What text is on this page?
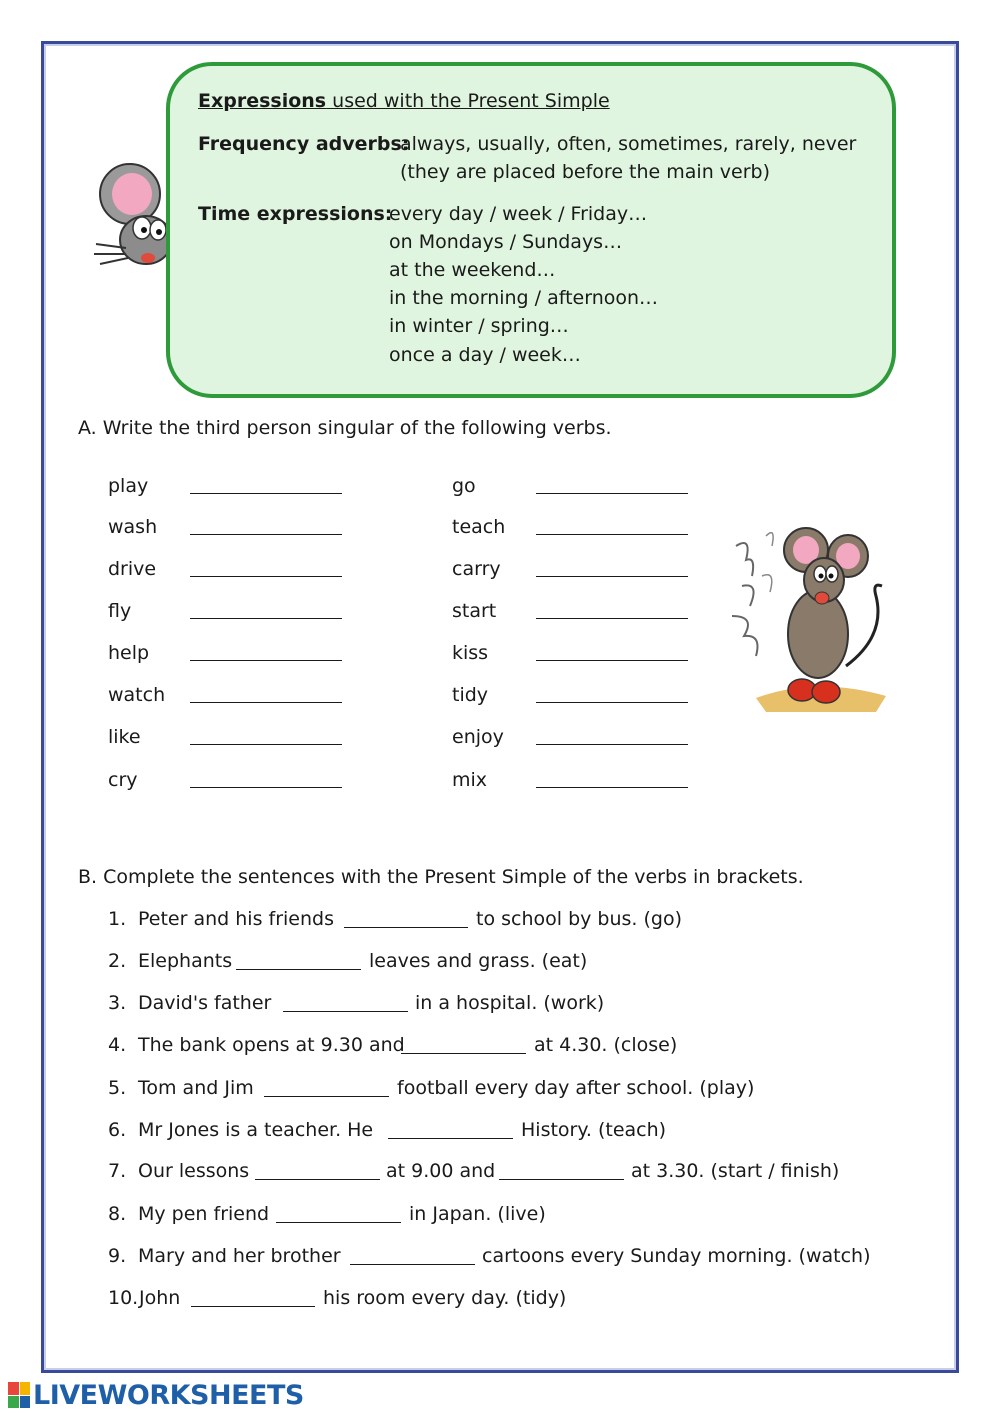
Expressions used with the Present Simple
Frequency adverbs:
always, usually, often, sometimes, rarely, never
(they are placed before the main verb)
Time expressions:
every day / week / Friday…
on Mondays / Sundays…
at the weekend…
in the morning / afternoon…
in winter / spring…
once a day / week…
A. Write the third person singular of the following verbs.
play
wash
drive
fly
help
watch
like
cry
go
teach
carry
start
kiss
tidy
enjoy
mix
B. Complete the sentences with the Present Simple of the verbs in brackets.
1. Peter and his friends	to school by bus. (go)
2. Elephants	leaves and grass. (eat)
3. David's father	in a hospital. (work)
4. The bank opens at 9.30 and	at 4.30. (close)
5. Tom and Jim	football every day after school. (play)
6. Mr Jones is a teacher. He	History. (teach)
7. Our lessons	at 9.00 and	at 3.30. (start / finish)
8. My pen friend	in Japan. (live)
9. Mary and her brother	cartoons every Sunday morning. (watch)
10. John	his room every day. (tidy)
LIVEWORKSHEETS
